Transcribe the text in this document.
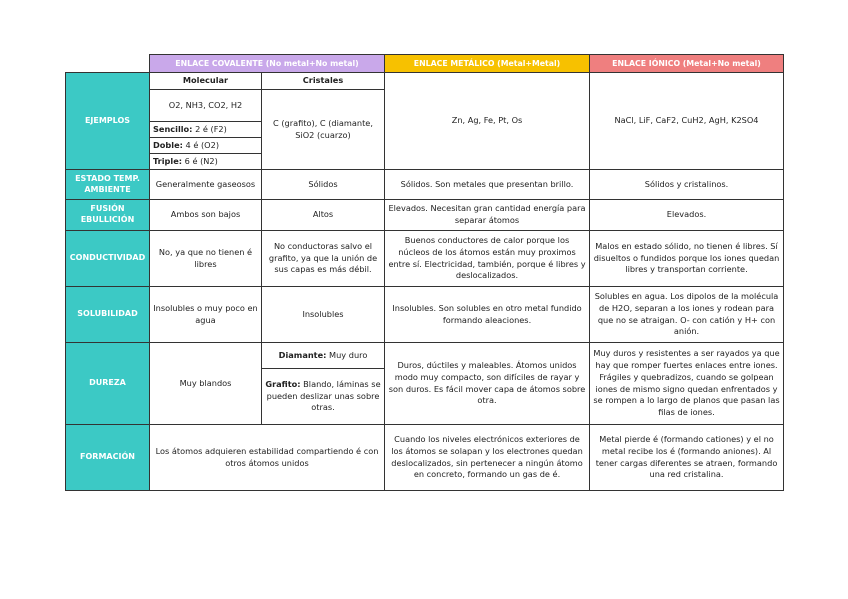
	ENLACE COVALENTE (No metal+No metal)		ENLACE METÁLICO (Metal+Metal)	ENLACE IÓNICO (Metal+No metal)
EJEMPLOS	Molecular	Cristales	Zn, Ag, Fe, Pt, Os	NaCl, LiF, CaF2, CuH2, AgH, K2SO4
	O2, NH3, CO2, H2	C (grafito), C (diamante, SiO2 (cuarzo)		
	Sencillo: 2 é (F2)			
	Doble: 4 é (O2)			
	Triple: 6 é (N2)			
ESTADO TEMP. AMBIENTE	Generalmente gaseosos	Sólidos	Sólidos. Son metales que presentan brillo.	Sólidos y cristalinos.
FUSIÓN EBULLICIÓN	Ambos son bajos	Altos	Elevados. Necesitan gran cantidad energía para separar átomos	Elevados.
CONDUCTIVIDAD	No, ya que no tienen é libres	No conductoras salvo el grafito, ya que la unión de sus capas es más débil.	Buenos conductores de calor porque los núcleos de los átomos están muy proximos entre sí. Electricidad, también, porque é libres y deslocalizados.	Malos en estado sólido, no tienen é libres. Sí disueltos o fundidos porque los iones quedan libres y transportan corriente.
SOLUBILIDAD	Insolubles o muy poco en agua	Insolubles	Insolubles. Son solubles en otro metal fundido formando aleaciones.	Solubles en agua. Los dipolos de la molécula de H2O, separan a los iones y rodean para que no se atraigan. O- con catión y H+ con anión.
DUREZA	Muy blandos	Diamante: Muy duro	Duros, dúctiles y maleables. Átomos unidos modo muy compacto, son difíciles de rayar y son duros. Es fácil mover capa de átomos sobre otra.	Muy duros y resistentes a ser rayados ya que hay que romper fuertes enlaces entre iones. Frágiles y quebradizos, cuando se golpean iones de mismo signo quedan enfrentados y se rompen a lo largo de planos que pasan las filas de iones.
		Grafito: Blando, láminas se pueden deslizar unas sobre otras.		
FORMACIÓN	Los átomos adquieren estabilidad compartiendo é con otros átomos unidos		Cuando los niveles electrónicos exteriores de los átomos se solapan y los electrones quedan deslocalizados, sin pertenecer a ningún átomo en concreto, formando un gas de é.	Metal pierde é (formando cationes) y el no metal recibe los é (formando aniones). Al tener cargas diferentes se atraen, formando una red cristalina.
